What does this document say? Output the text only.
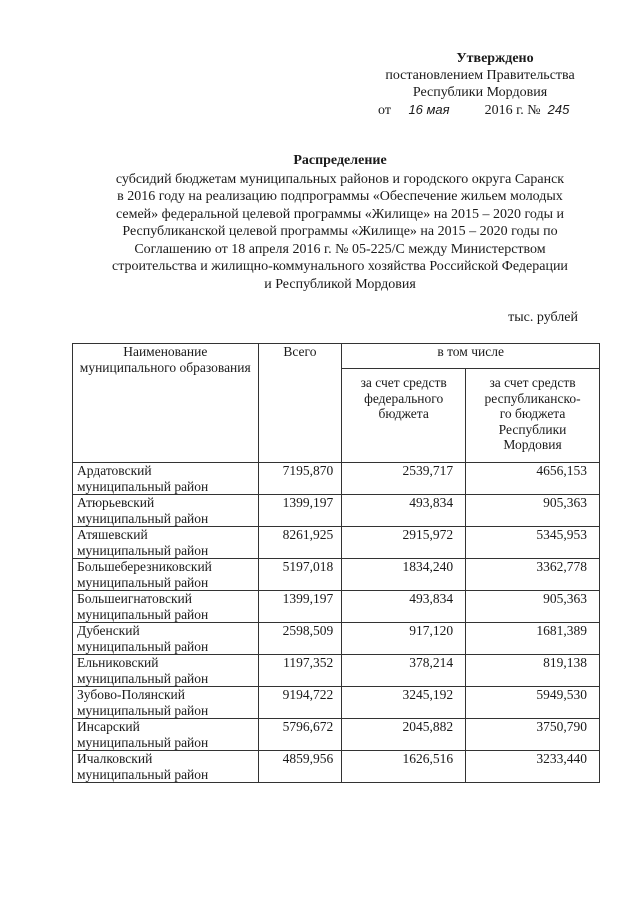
Утверждено
постановлением Правительства
Республики Мордовия
от 16 мая	2016 г. № 245
Распределение
субсидий бюджетам муниципальных районов и городского округа Саранск
в 2016 году на реализацию подпрограммы «Обеспечение жильем молодых
семей» федеральной целевой программы «Жилище» на 2015 – 2020 годы и
Республиканской целевой программы «Жилище» на 2015 – 2020 годы по
Соглашению от 18 апреля 2016 г. № 05-225/С между Министерством
строительства и жилищно-коммунального хозяйства Российской Федерации
и Республикой Мордовия
тыс. рублей
Наименование муниципального образования	Всего	в том числе	
		за счет средств федерального бюджета	за счет средств республиканско-го бюджета Республики Мордовия

Ардатовский
муниципальный район	7195,870	2539,717	4656,153

Атюрьевский
муниципальный район	1399,197	493,834	905,363

Атяшевский
муниципальный район	8261,925	2915,972	5345,953

Большеберезниковский
муниципальный район	5197,018	1834,240	3362,778

Большеигнатовский
муниципальный район	1399,197	493,834	905,363

Дубенский
муниципальный район	2598,509	917,120	1681,389

Ельниковский
муниципальный район	1197,352	378,214	819,138

Зубово-Полянский
муниципальный район	9194,722	3245,192	5949,530

Инсарский
муниципальный район	5796,672	2045,882	3750,790

Ичалковский
муниципальный район	4859,956	1626,516	3233,440
